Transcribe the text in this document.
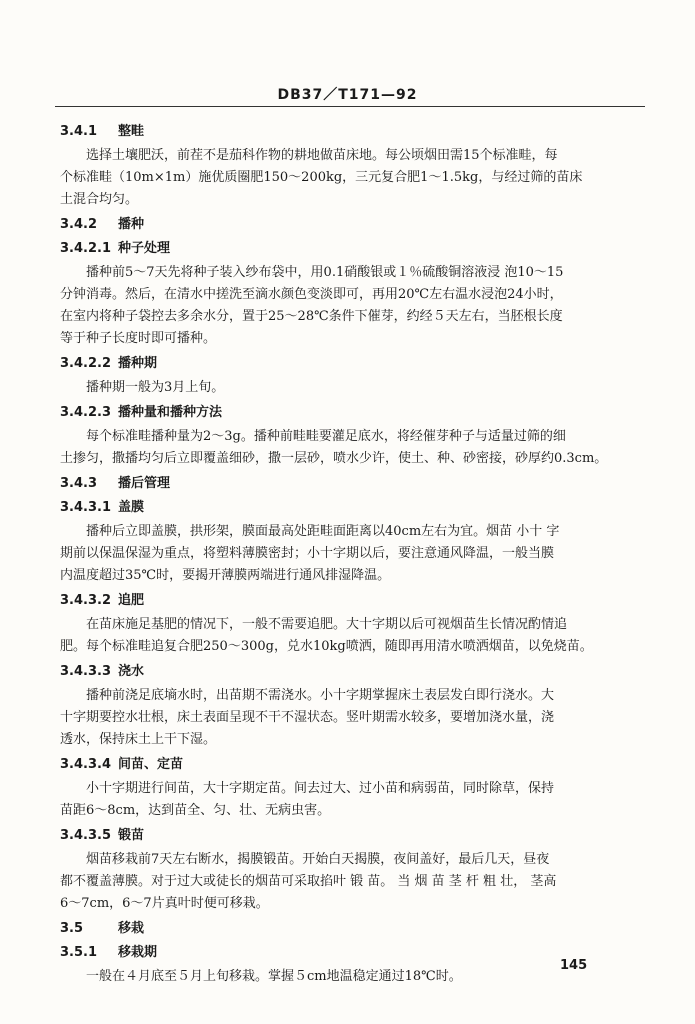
DB37／T171—92
3.4.1 整畦
选择土壤肥沃，前茬不是茄科作物的耕地做苗床地。每公顷烟田需15个标准畦，每
个标准畦（10m×1m）施优质圈肥150～200kg，三元复合肥1～1.5kg，与经过筛的苗床
土混合均匀。
3.4.2 播种
3.4.2.1 种子处理
播种前5～7天先将种子装入纱布袋中，用0.1硝酸银或１％硫酸铜溶液浸 泡10～15
分钟消毒。然后，在清水中搓洗至滴水颜色变淡即可，再用20℃左右温水浸泡24小时，
在室内将种子袋控去多余水分，置于25～28℃条件下催芽，约经５天左右，当胚根长度
等于种子长度时即可播种。
3.4.2.2 播种期
播种期一般为3月上旬。
3.4.2.3 播种量和播种方法
每个标准畦播种量为2～3g。播种前畦畦要灌足底水，将经催芽种子与适量过筛的细
土掺匀，撒播均匀后立即覆盖细砂，撒一层砂，喷水少许，使土、种、砂密接，砂厚约0.3cm。
3.4.3 播后管理
3.4.3.1 盖膜
播种后立即盖膜，拱形架，膜面最高处距畦面距离以40cm左右为宜。烟苗 小十 字
期前以保温保湿为重点，将塑料薄膜密封；小十字期以后，要注意通风降温，一般当膜
内温度超过35℃时，要揭开薄膜两端进行通风排湿降温。
3.4.3.2 追肥
在苗床施足基肥的情况下，一般不需要追肥。大十字期以后可视烟苗生长情况酌情追
肥。每个标准畦追复合肥250～300g，兑水10kg喷洒，随即再用清水喷洒烟苗，以免烧苗。
3.4.3.3 浇水
播种前浇足底墒水时，出苗期不需浇水。小十字期掌握床土表层发白即行浇水。大
十字期要控水壮根，床土表面呈现不干不湿状态。竖叶期需水较多，要增加浇水量，浇
透水，保持床土上干下湿。
3.4.3.4 间苗、定苗
小十字期进行间苗，大十字期定苗。间去过大、过小苗和病弱苗，同时除草，保持
苗距6～8cm，达到苗全、匀、壮、无病虫害。
3.4.3.5 锻苗
烟苗移栽前7天左右断水，揭膜锻苗。开始白天揭膜，夜间盖好，最后几天，昼夜
都不覆盖薄膜。对于过大或徒长的烟苗可采取掐叶 锻 苗。 当 烟 苗 茎 杆 粗 壮， 茎高
6～7cm，6～7片真叶时便可移栽。
3.5	移栽
3.5.1 移栽期
一般在４月底至５月上旬移栽。掌握５cm地温稳定通过18℃时。
145
